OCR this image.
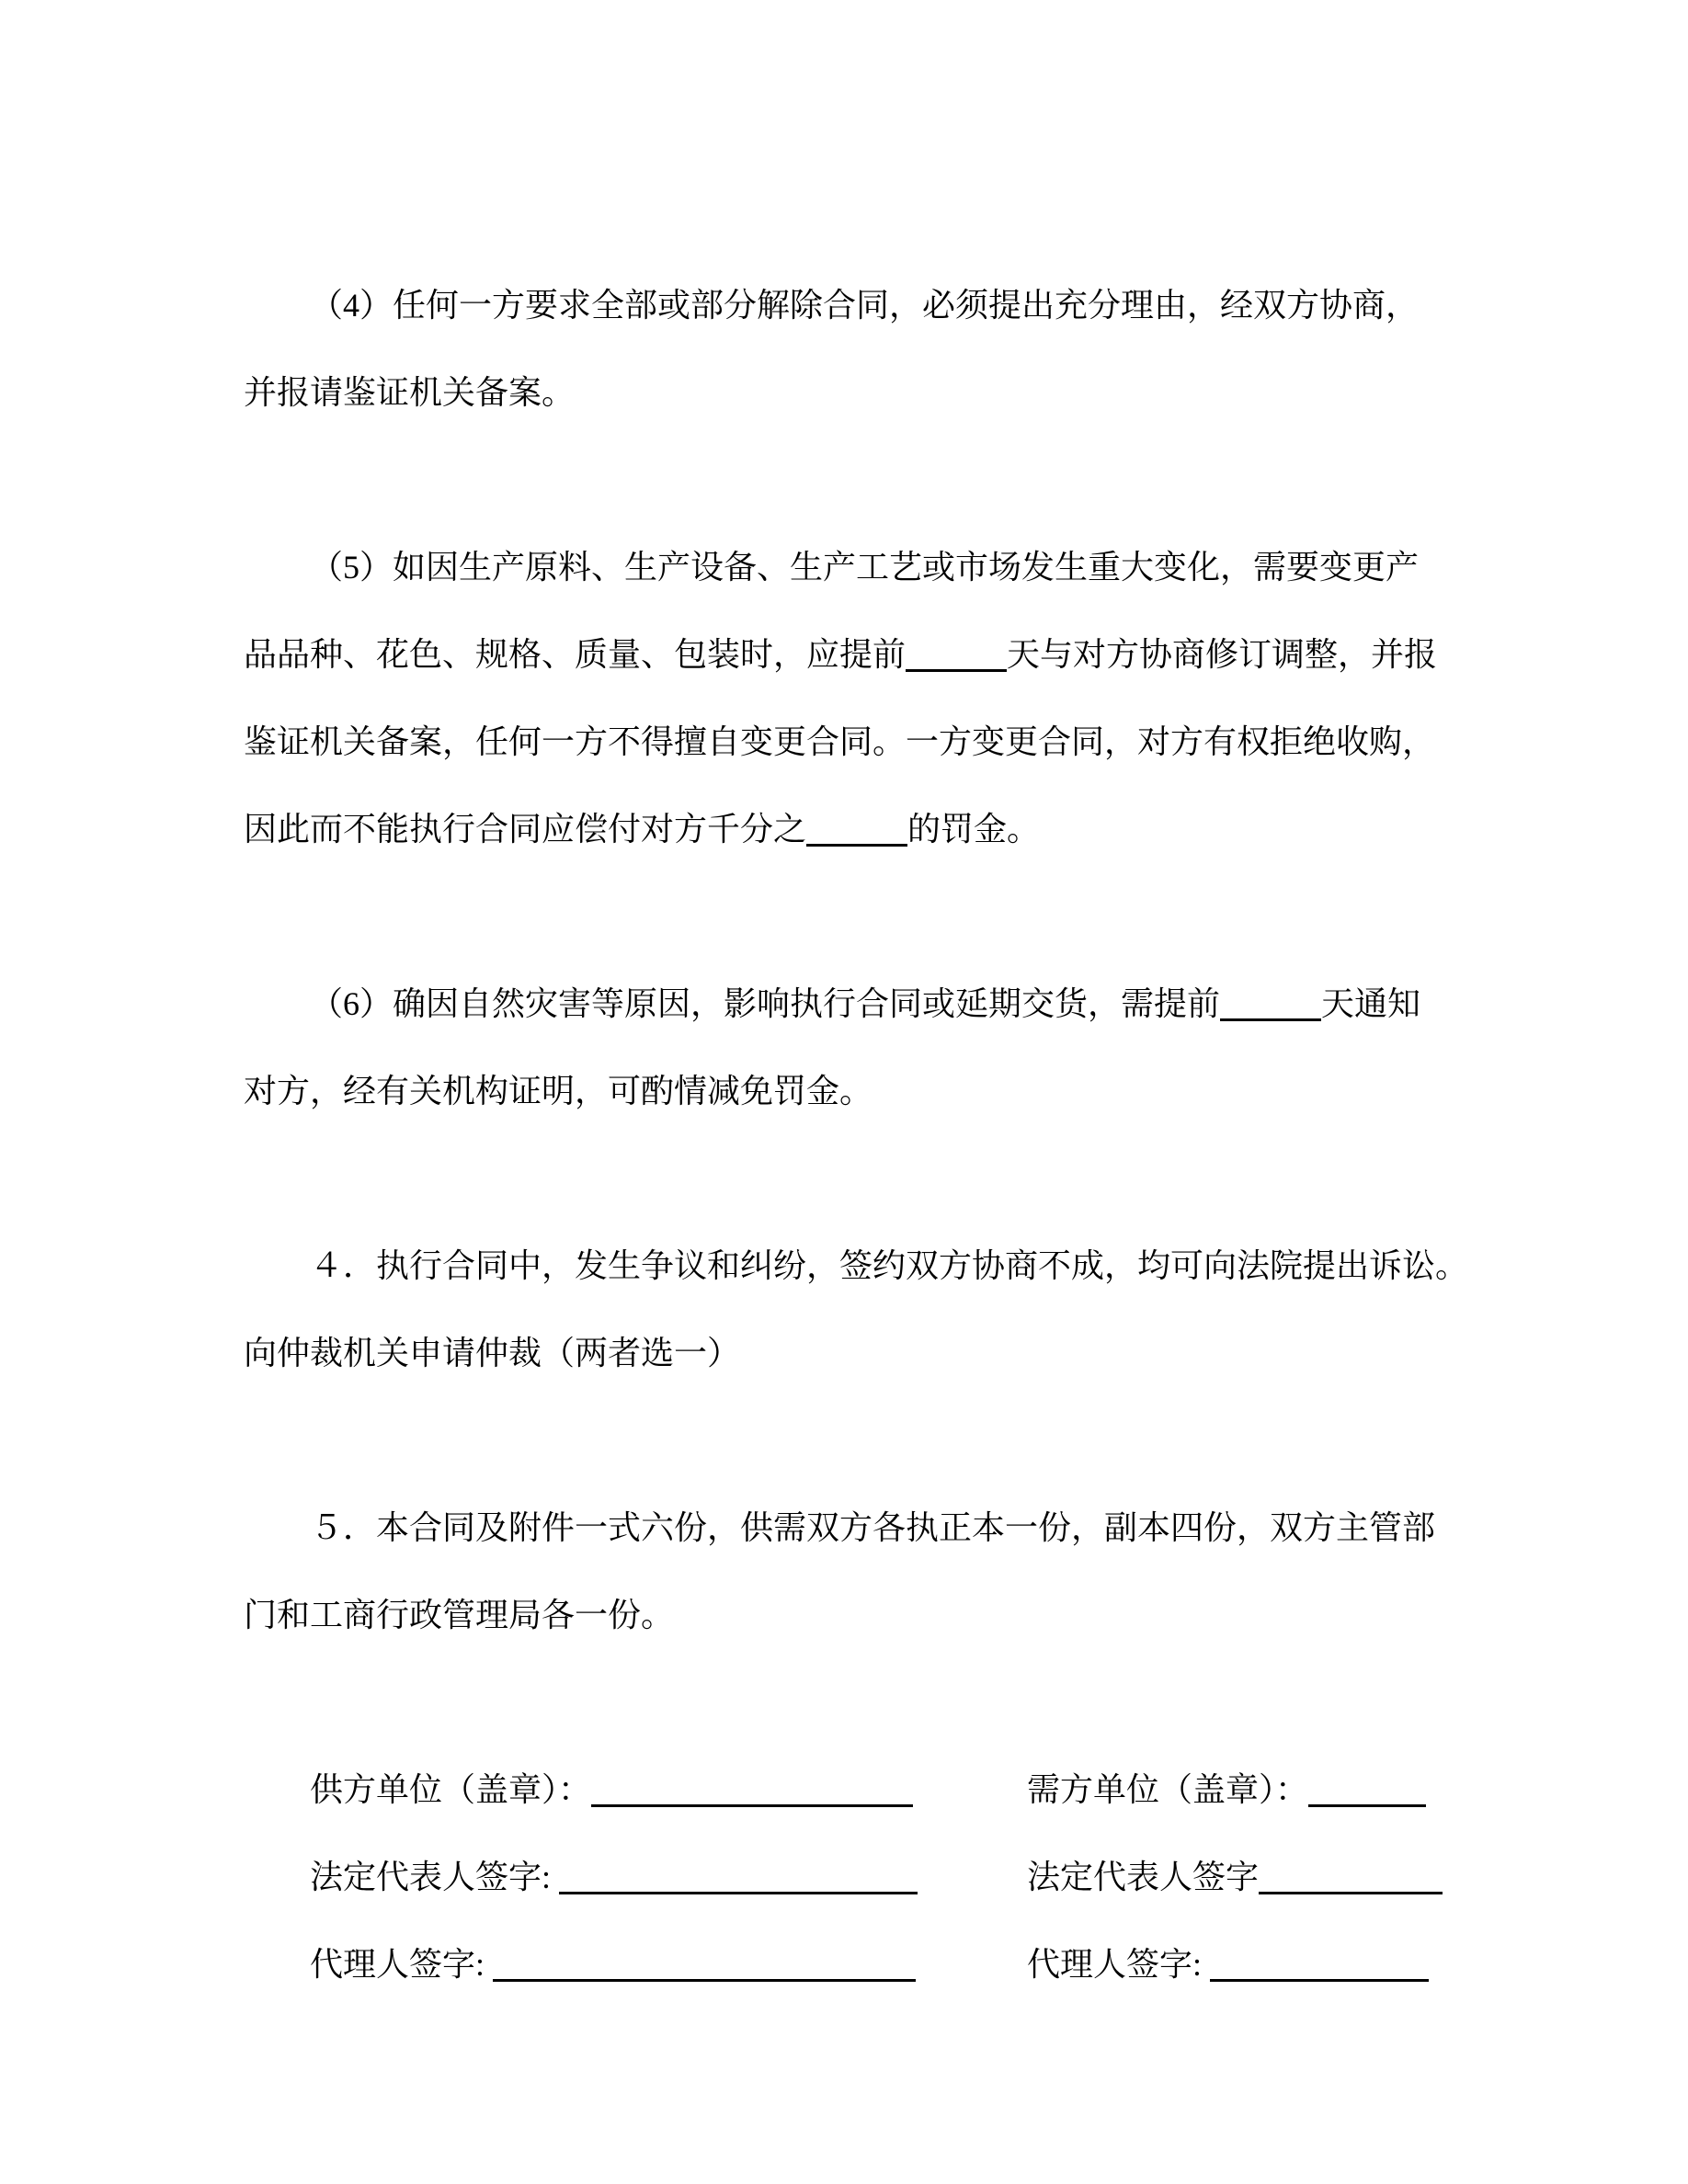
（4）任何一方要求全部或部分解除合同，必须提出充分理由，经双方协商，
并报请鉴证机关备案。
（5）如因生产原料、生产设备、生产工艺或市场发生重大变化，需要变更产
品品种、花色、规格、质量、包装时，应提前	天与对方协商修订调整，并报
鉴证机关备案，任何一方不得擅自变更合同。一方变更合同，对方有权拒绝收购，
因此而不能执行合同应偿付对方千分之	的罚金。
（6）确因自然灾害等原因，影响执行合同或延期交货，需提前	天通知
对方，经有关机构证明，可酌情减免罚金。
４．执行合同中，发生争议和纠纷，签约双方协商不成，均可向法院提出诉讼。
向仲裁机关申请仲裁（两者选一）
５．本合同及附件一式六份，供需双方各执正本一份，副本四份，双方主管部
门和工商行政管理局各一份。
供方单位（盖章）：	需方单位（盖章）：
法定代表人签字:	法定代表人签字
代理人签字:	代理人签字:
